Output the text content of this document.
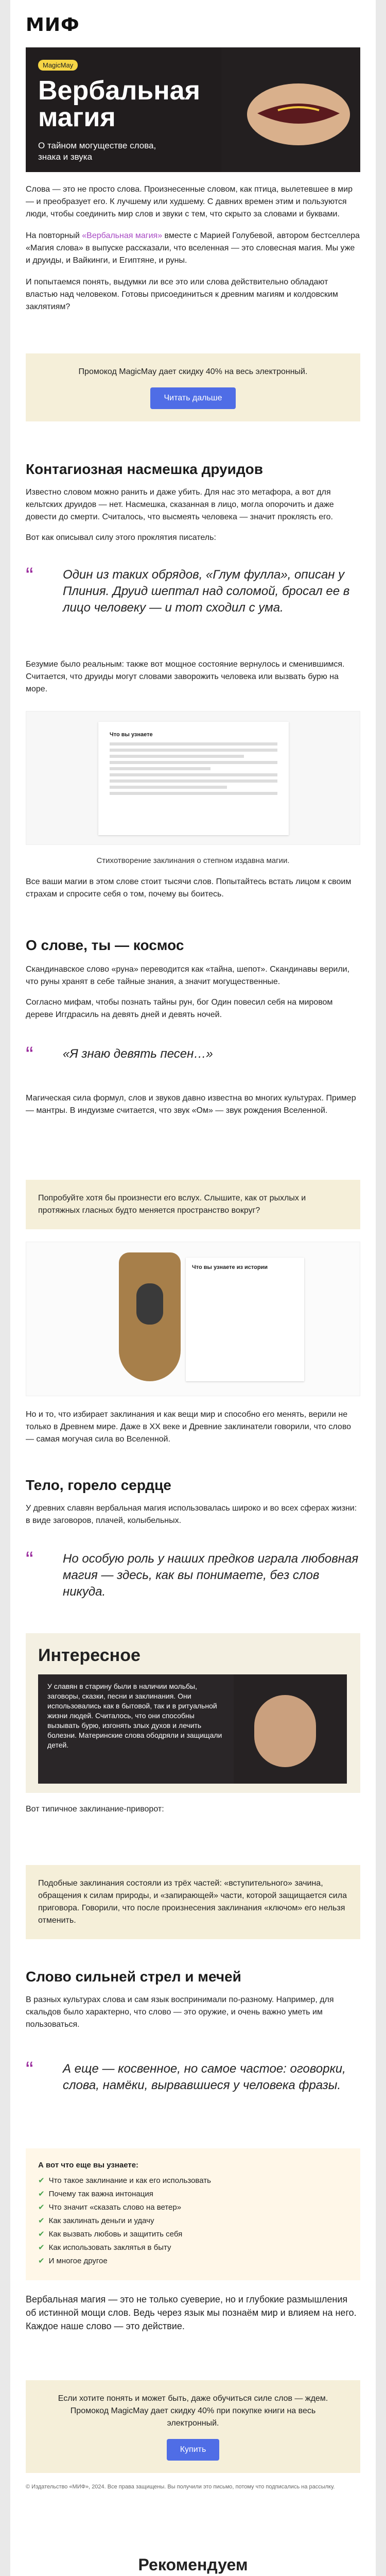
МИФ
MagicMay
Вербальная
магия
О тайном могуществе слова, знака и звука

Слова — это не просто слова. Произнесенные словом, как птица, вылетевшее в мир — и преобразует его. К лучшему или худшему. С давних времен этим и пользуются люди, чтобы соединить мир слов и звуки с тем, что скрыто за словами и буквами.

На повторный «Вербальная магия» вместе с Марией Голубевой, автором бестселлера «Магия слова» в выпуске рассказали, что вселенная — это словесная магия. Мы уже и друиды, и Вайкинги, и Египтяне, и руны.

И попытаемся понять, выдумки ли все это или слова действительно обладают властью над человеком. Готовы присоединиться к древним магиям и колдовским заклятиям?

Промокод MagicMay дает скидку 40% на весь электронный.

Читать дальше
Контагиозная насмешка друидов

Известно словом можно ранить и даже убить. Для нас это метафора, а вот для кельтских друидов — нет. Насмешка, сказанная в лицо, могла опорочить и даже довести до смерти. Считалось, что высмеять человека — значит проклясть его.

Вот как описывал силу этого проклятия писатель:

“ Один из таких обрядов, «Глум фулла», описан у Плиния. Друид шептал над соломой, бросал ее в лицо человеку — и тот сходил с ума.

Безумие было реальным: также вот мощное состояние вернулось и сменившимся. Считается, что друиды могут словами заворожить человека или вызвать бурю на море.

Что вы узнаете
Стихотворение заклинания о степном издавна магии.

Все ваши магии в этом слове стоит тысячи слов. Попытайтесь встать лицом к своим страхам и спросите себя о том, почему вы боитесь.

О слове, ты — космос

Скандинавское слово «руна» переводится как «тайна, шепот». Скандинавы верили, что руны хранят в себе тайные знания, а значит могущественные.

Согласно мифам, чтобы познать тайны рун, бог Один повесил себя на мировом дереве Иггдрасиль на девять дней и девять ночей.

“ «Я знаю девять песен…»

Магическая сила формул, слов и звуков давно известна во многих культурах. Пример — мантры. В индуизме считается, что звук «Ом» — звук рождения Вселенной.

Попробуйте хотя бы произнести его вслух. Слышите, как от рыхлых и протяжных гласных будто меняется пространство вокруг?
Что вы узнаете из истории

Но и то, что избирает заклинания и как вещи мир и способно его менять, верили не только в Древнем мире. Даже в ХХ веке и Древние заклинатели говорили, что слово — самая могучая сила во Вселенной.

Тело, горело сердце

У древних славян вербальная магия использовалась широко и во всех сферах жизни: в виде заговоров, плачей, колыбельных.

“ Но особую роль у наших предков играла любовная магия — здесь, как вы понимаете, без слов никуда.
Интересное

У славян в старину были в наличии мольбы, заговоры, сказки, песни и заклинания. Они использовались как в бытовой, так и в ритуальной жизни людей. Считалось, что они способны вызывать бурю, изгонять злых духов и лечить болезни. Материнские слова ободряли и защищали детей.

Вот типичное заклинание-приворот:

Подобные заклинания состояли из трёх частей: «вступительного» зачина, обращения к силам природы, и «запирающей» части, которой защищается сила приговора. Говорили, что после произнесения заклинания «ключом» его нельзя отменить.
Слово сильней стрел и мечей

В разных культурах слова и сам язык воспринимали по-разному. Например, для скальдов было характерно, что слово — это оружие, и очень важно уметь им пользоваться.

“ А еще — косвенное, но самое частое: оговорки, слова, намёки, вырвавшиеся у человека фразы.
А вот что еще вы узнаете:
✔ Что такое заклинание и как его использовать
✔ Почему так важна интонация
✔ Что значит «сказать слово на ветер»
✔ Как заклинать деньги и удачу
✔ Как вызвать любовь и защитить себя
✔ Как использовать заклятья в быту
✔ И многое другое
Вербальная магия — это не только суеверие, но и глубокие размышления об истинной мощи слов. Ведь через язык мы познаём мир и влияем на него. Каждое наше слово — это действие.

Если хотите понять и может быть, даже обучиться силе слов — ждем. Промокод MagicMay дает скидку 40% при покупке книги на весь электронный.

Купить
© Издательство «МИФ», 2024. Все права защищены. Вы получили это письмо, потому что подписались на рассылку.
Рекомендуем
